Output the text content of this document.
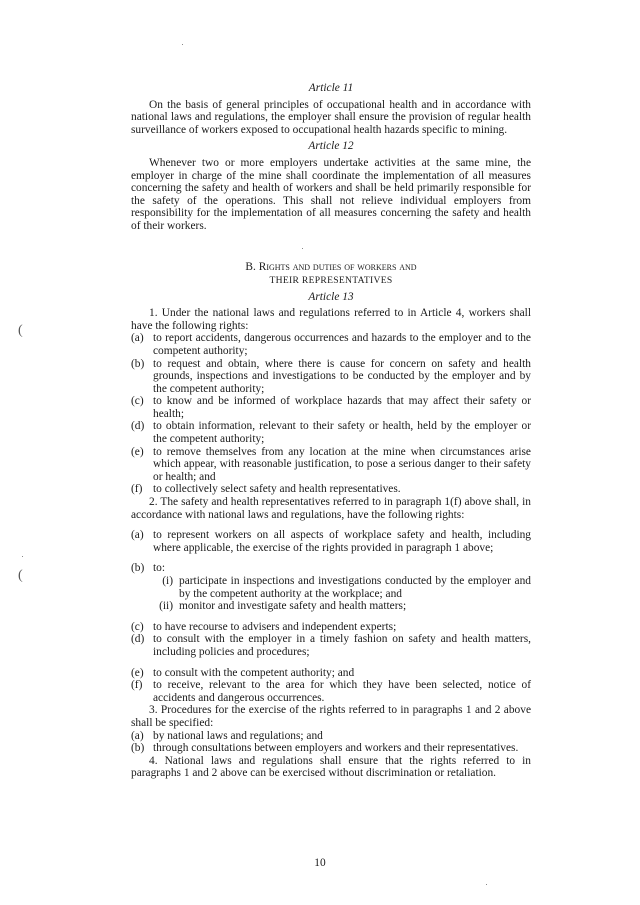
(
(
Article 11

On the basis of general principles of occupational health and in accordance with national laws and regulations, the employer shall ensure the provision of regular health surveillance of workers exposed to occupational health hazards specific to mining.

Article 12

Whenever two or more employers undertake activities at the same mine, the employer in charge of the mine shall coordinate the implementation of all measures concerning the safety and health of workers and shall be held primarily responsible for the safety of the operations. This shall not relieve individual employers from responsibility for the implementation of all measures concerning the safety and health of their workers.

B. Rights and duties of workers and
THEIR REPRESENTATIVES
Article 13

1. Under the national laws and regulations referred to in Article 4, workers shall have the following rights:

(a) to report accidents, dangerous occurrences and hazards to the employer and to the competent authority;
(b) to request and obtain, where there is cause for concern on safety and health grounds, inspections and investigations to be conducted by the employer and by the competent authority;
(c) to know and be informed of workplace hazards that may affect their safety or health;
(d) to obtain information, relevant to their safety or health, held by the employer or the competent authority;
(e) to remove themselves from any location at the mine when circumstances arise which appear, with reasonable justification, to pose a serious danger to their safety or health; and
(f) to collectively select safety and health representatives.

2. The safety and health representatives referred to in paragraph 1(f) above shall, in accordance with national laws and regulations, have the following rights:

(a) to represent workers on all aspects of workplace safety and health, including where applicable, the exercise of the rights provided in paragraph 1 above;
(b) to:
(i) participate in inspections and investigations conducted by the employer and by the competent authority at the workplace; and
(ii) monitor and investigate safety and health matters;
(c) to have recourse to advisers and independent experts;
(d) to consult with the employer in a timely fashion on safety and health matters, including policies and procedures;
(e) to consult with the competent authority; and
(f) to receive, relevant to the area for which they have been selected, notice of accidents and dangerous occurrences.

3. Procedures for the exercise of the rights referred to in paragraphs 1 and 2 above shall be specified:

(a) by national laws and regulations; and
(b) through consultations between employers and workers and their representatives.

4. National laws and regulations shall ensure that the rights referred to in paragraphs 1 and 2 above can be exercised without discrimination or retaliation.

10
